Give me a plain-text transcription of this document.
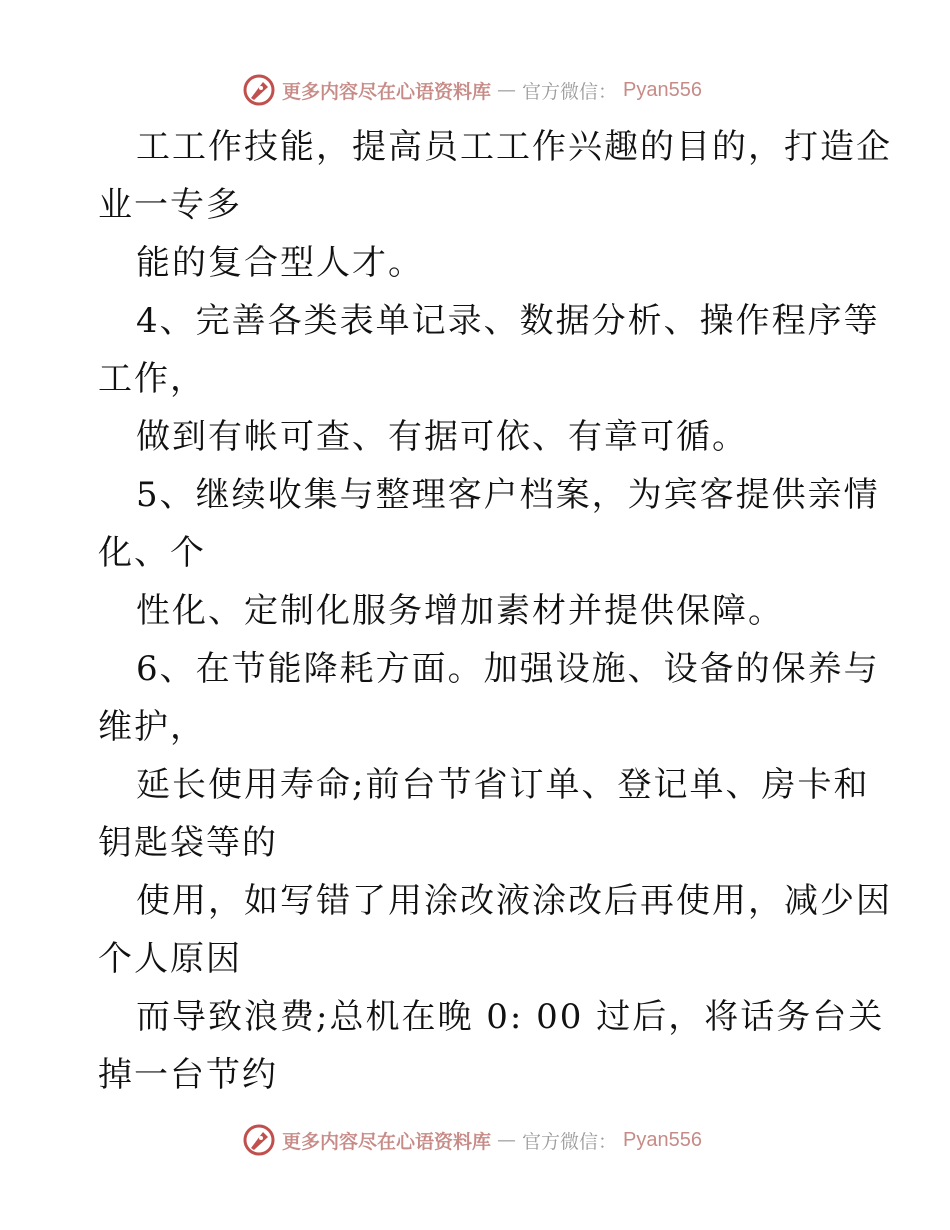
更多内容尽在心语资料库 — 官方微信： Pyan556
工工作技能，提高员工工作兴趣的目的，打造企
业一专多
能的复合型人才。
4、完善各类表单记录、数据分析、操作程序等
工作，
做到有帐可查、有据可依、有章可循。
5、继续收集与整理客户档案，为宾客提供亲情
化、个
性化、定制化服务增加素材并提供保障。
6、在节能降耗方面。加强设施、设备的保养与
维护，
延长使用寿命;前台节省订单、登记单、房卡和
钥匙袋等的
使用，如写错了用涂改液涂改后再使用，减少因
个人原因
而导致浪费;总机在晚 0: 00 过后，将话务台关
掉一台节约
更多内容尽在心语资料库 — 官方微信： Pyan556
